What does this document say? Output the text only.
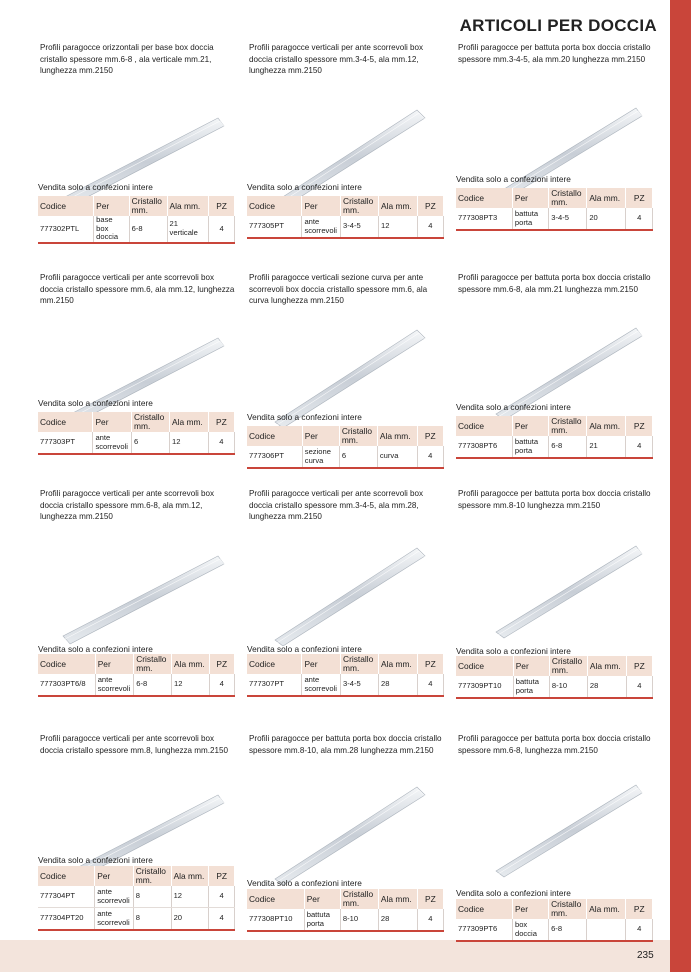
ARTICOLI PER DOCCIA
235
Profili paragocce orizzontali per base box doccia cristallo spessore mm.6-8 , ala verticale mm.21, lunghezza mm.2150
Vendita solo a confezioni intere
Codice	Per	Cristallo mm.	Ala mm.	PZ
777302PTL	base box doccia	6-8	21 verticale	4
Profili paragocce verticali per ante scorrevoli box doccia cristallo spessore mm.3-4-5, ala mm.12, lunghezza mm.2150
Vendita solo a confezioni intere
Codice	Per	Cristallo mm.	Ala mm.	PZ
777305PT	ante scorrevoli	3-4-5	12	4
Profili paragocce per battuta porta box doccia cristallo spessore mm.3-4-5, ala mm.20 lunghezza mm.2150
Vendita solo a confezioni intere
Codice	Per	Cristallo mm.	Ala mm.	PZ
777308PT3	battuta porta	3-4-5	20	4
Profili paragocce verticali per ante scorrevoli box doccia cristallo spessore mm.6, ala mm.12, lunghezza mm.2150
Vendita solo a confezioni intere
Codice	Per	Cristallo mm.	Ala mm.	PZ
777303PT	ante scorrevoli	6	12	4
Profili paragocce verticali sezione curva per ante scorrevoli box doccia cristallo spessore mm.6, ala curva lunghezza mm.2150
Vendita solo a confezioni intere
Codice	Per	Cristallo mm.	Ala mm.	PZ
777306PT	sezione curva	6	curva	4
Profili paragocce per battuta porta box doccia cristallo spessore mm.6-8, ala mm.21 lunghezza mm.2150
Vendita solo a confezioni intere
Codice	Per	Cristallo mm.	Ala mm.	PZ
777308PT6	battuta porta	6-8	21	4
Profili paragocce verticali per ante scorrevoli box doccia cristallo spessore mm.6-8, ala mm.12, lunghezza mm.2150
Vendita solo a confezioni intere
Codice	Per	Cristallo mm.	Ala mm.	PZ
777303PT6/8	ante scorrevoli	6-8	12	4
Profili paragocce verticali per ante scorrevoli box doccia cristallo spessore mm.3-4-5, ala mm.28, lunghezza mm.2150
Vendita solo a confezioni intere
Codice	Per	Cristallo mm.	Ala mm.	PZ
777307PT	ante scorrevoli	3-4-5	28	4
Profili paragocce per battuta porta box doccia cristallo spessore mm.8-10 lunghezza mm.2150
Vendita solo a confezioni intere
Codice	Per	Cristallo mm.	Ala mm.	PZ
777309PT10	battuta porta	8-10	28	4
Profili paragocce verticali per ante scorrevoli box doccia cristallo spessore mm.8, lunghezza mm.2150
Vendita solo a confezioni intere
Codice	Per	Cristallo mm.	Ala mm.	PZ
777304PT	ante scorrevoli	8	12	4
777304PT20	ante scorrevoli	8	20	4
Profili paragocce per battuta porta box doccia cristallo spessore mm.8-10, ala mm.28 lunghezza mm.2150
Vendita solo a confezioni intere
Codice	Per	Cristallo mm.	Ala mm.	PZ
777308PT10	battuta porta	8-10	28	4
Profili paragocce per battuta porta box doccia cristallo spessore mm.6-8, lunghezza mm.2150
Vendita solo a confezioni intere
Codice	Per	Cristallo mm.	Ala mm.	PZ
777309PT6	box doccia	6-8		4
